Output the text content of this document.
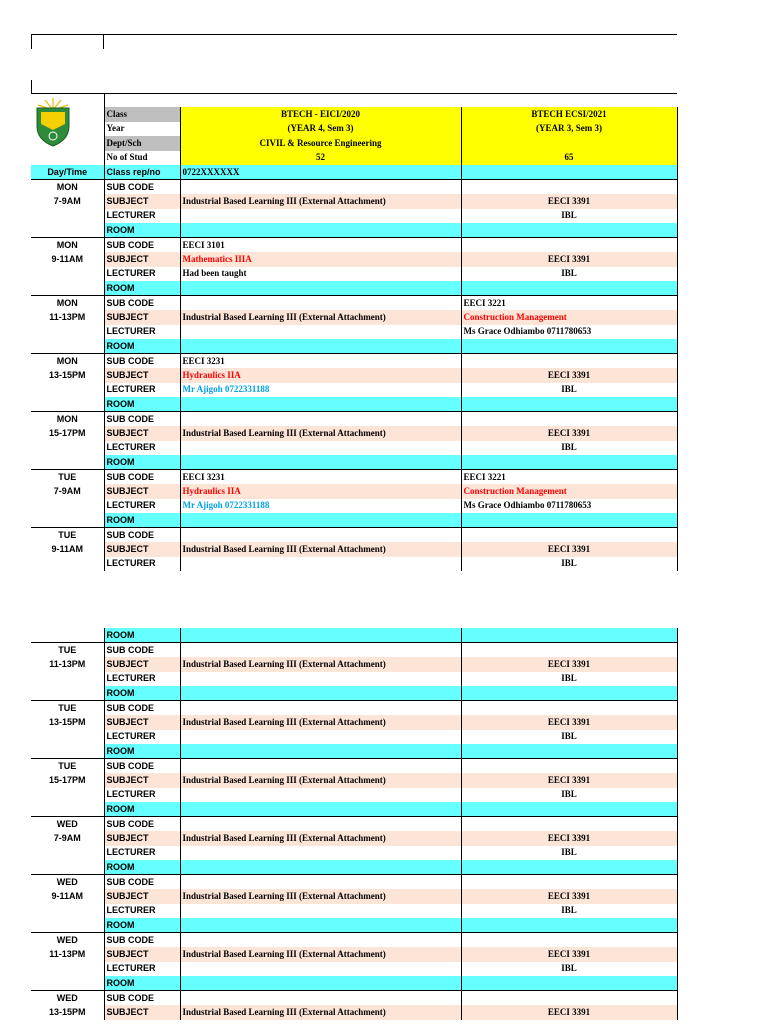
	Class	BTECH - EICI/2020	BTECH ECSI/2021
	Year	(YEAR 4, Sem 3)	(YEAR 3, Sem 3)
	Dept/Sch	CIVIL & Resource Engineering	
	No of Stud	52	65
Day/Time	Class rep/no	0722XXXXXX	
MON	SUB CODE		
7-9AM	SUBJECT	Industrial Based Learning III (External Attachment)	EECI 3391
	LECTURER		IBL
	ROOM		
MON	SUB CODE	EECI 3101	
9-11AM	SUBJECT	Mathematics IIIA	EECI 3391
	LECTURER	Had been taught	IBL
	ROOM		
MON	SUB CODE		EECI 3221
11-13PM	SUBJECT	Industrial Based Learning III (External Attachment)	Construction Management
	LECTURER		Ms Grace Odhiambo 0711780653
	ROOM		
MON	SUB CODE	EECI 3231	
13-15PM	SUBJECT	Hydraulics IIA	EECI 3391
	LECTURER	Mr Ajigoh 0722331188	IBL
	ROOM		
MON	SUB CODE		
15-17PM	SUBJECT	Industrial Based Learning III (External Attachment)	EECI 3391
	LECTURER		IBL
	ROOM		
TUE	SUB CODE	EECI 3231	EECI 3221
7-9AM	SUBJECT	Hydraulics IIA	Construction Management
	LECTURER	Mr Ajigoh 0722331188	Ms Grace Odhiambo 0711780653
	ROOM		
TUE	SUB CODE		
9-11AM	SUBJECT	Industrial Based Learning III (External Attachment)	EECI 3391
	LECTURER		IBL
	ROOM		
TUE	SUB CODE		
11-13PM	SUBJECT	Industrial Based Learning III (External Attachment)	EECI 3391
	LECTURER		IBL
	ROOM		
TUE	SUB CODE		
13-15PM	SUBJECT	Industrial Based Learning III (External Attachment)	EECI 3391
	LECTURER		IBL
	ROOM		
TUE	SUB CODE		
15-17PM	SUBJECT	Industrial Based Learning III (External Attachment)	EECI 3391
	LECTURER		IBL
	ROOM		
WED	SUB CODE		
7-9AM	SUBJECT	Industrial Based Learning III (External Attachment)	EECI 3391
	LECTURER		IBL
	ROOM		
WED	SUB CODE		
9-11AM	SUBJECT	Industrial Based Learning III (External Attachment)	EECI 3391
	LECTURER		IBL
	ROOM		
WED	SUB CODE		
11-13PM	SUBJECT	Industrial Based Learning III (External Attachment)	EECI 3391
	LECTURER		IBL
	ROOM		
WED	SUB CODE		
13-15PM	SUBJECT	Industrial Based Learning III (External Attachment)	EECI 3391
